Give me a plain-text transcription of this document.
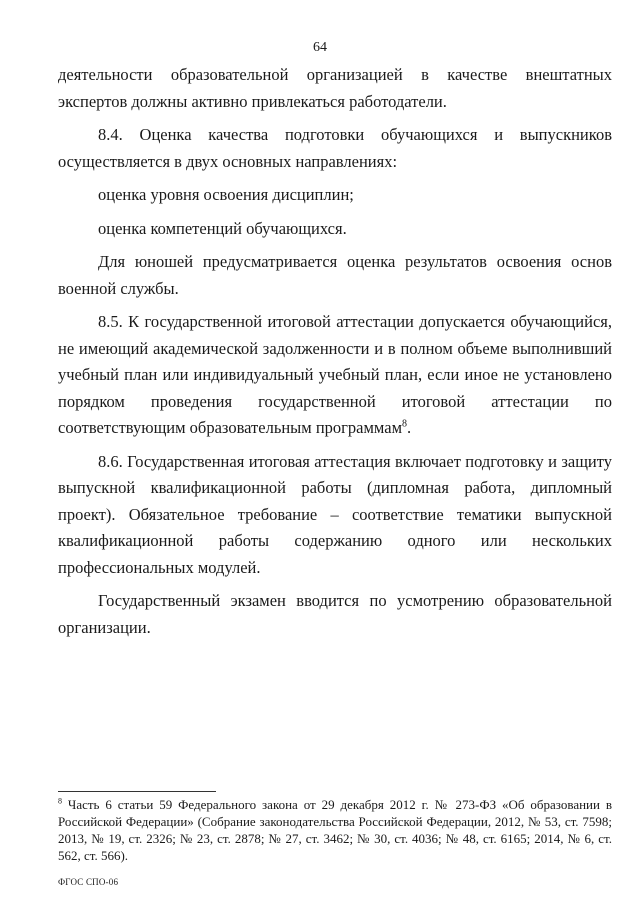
64

деятельности образовательной организацией в качестве внештатных экспертов должны активно привлекаться работодатели.

8.4. Оценка качества подготовки обучающихся и выпускников осуществляется в двух основных направлениях:

оценка уровня освоения дисциплин;

оценка компетенций обучающихся.

Для юношей предусматривается оценка результатов освоения основ военной службы.

8.5. К государственной итоговой аттестации допускается обучающийся, не имеющий академической задолженности и в полном объеме выполнивший учебный план или индивидуальный учебный план, если иное не установлено порядком проведения государственной итоговой аттестации по соответствующим образовательным программам$^8$.

8.6. Государственная итоговая аттестация включает подготовку и защиту выпускной квалификационной работы (дипломная работа, дипломный проект). Обязательное требование – соответствие тематики выпускной квалификационной работы содержанию одного или нескольких профессиональных модулей.

Государственный экзамен вводится по усмотрению образовательной организации.

$^8$ Часть 6 статьи 59 Федерального закона от 29 декабря 2012 г. № 273-ФЗ «Об образовании в Российской Федерации» (Собрание законодательства Российской Федерации, 2012, № 53, ст. 7598; 2013, № 19, ст. 2326; № 23, ст. 2878; № 27, ст. 3462; № 30, ст. 4036; № 48, ст. 6165; 2014, № 6, ст. 562, ст. 566).
ФГОС СПО-06
